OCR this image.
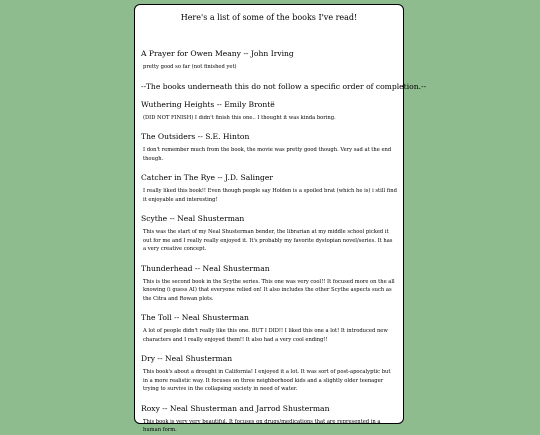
Here's a list of some of the books I've read!
A Prayer for Owen Meany -- John Irving
pretty good so far (not finished yet)
--The books underneath this do not follow a specific order of completion.--
Wuthering Heights -- Emily Brontë
(DID NOT FINISH) I didn't finish this one.. I thought it was kinda boring.
The Outsiders -- S.E. Hinton
I don't remember much from the book, the movie was pretty good though. Very sad at the end though.
Catcher in The Rye -- J.D. Salinger
I really liked this book!! Even though people say Holden is a spoiled brat (which he is) i still find it enjoyable and interesting!
Scythe -- Neal Shusterman
This was the start of my Neal Shusterman bender, the librarian at my middle school picked it out for me and I really really enjoyed it. It's probably my favorite dystopian novel/series. It has a very creative concept.
Thunderhead -- Neal Shusterman
This is the second book in the Scythe series. This one was very cool!! It focused more on the all knowing (i guess AI) that everyone relied on! It also includes the other Scythe aspects such as the Citra and Rowan plots.
The Toll -- Neal Shusterman
A lot of people didn't really like this one. BUT I DID!! I liked this one a lot! It introduced new characters and I really enjoyed them!! It also had a very cool ending!!
Dry -- Neal Shusterman
This book's about a drought in California! I enjoyed it a lot. It was sort of post-apocalyptic but in a more realistic way. It focuses on three neighborhood kids and a slightly older teenager trying to survive in the collapsing society in need of water.
Roxy -- Neal Shusterman and Jarrod Shusterman
This book is very very beautiful. It focuses on drugs/medications that are represented in a human form.
